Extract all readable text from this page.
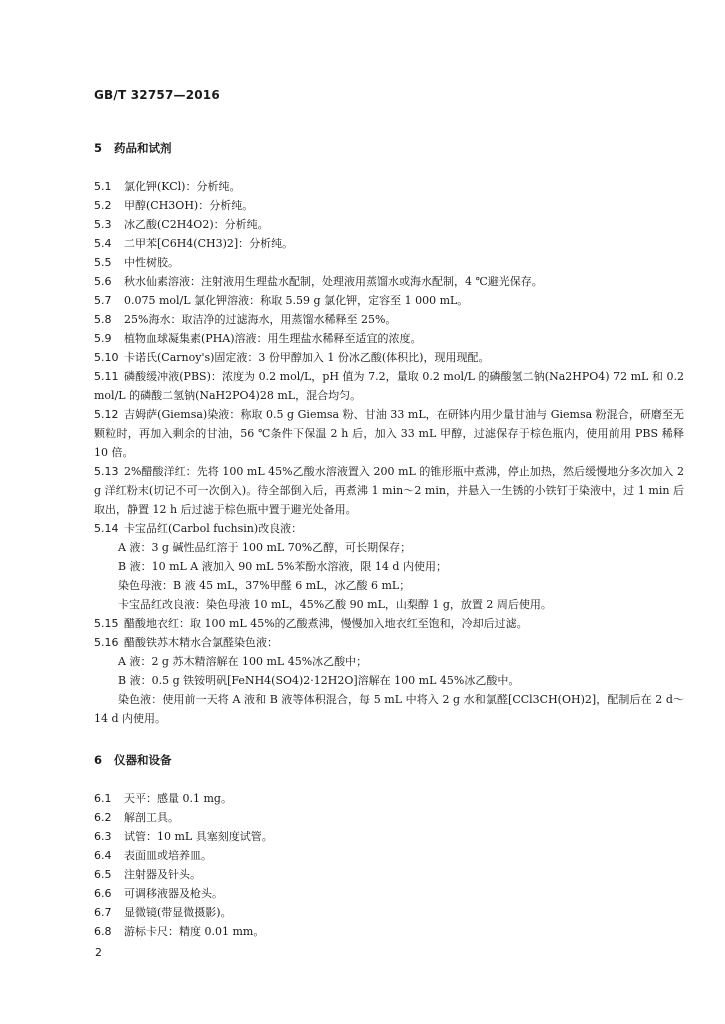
GB/T 32757—2016
5 药品和试剂
5.1 氯化钾(KCl)：分析纯。
5.2 甲醇(CH3OH)：分析纯。
5.3 冰乙酸(C2H4O2)：分析纯。
5.4 二甲苯[C6H4(CH3)2]：分析纯。
5.5 中性树胶。
5.6 秋水仙素溶液：注射液用生理盐水配制，处理液用蒸馏水或海水配制，4 ℃避光保存。
5.7 0.075 mol/L 氯化钾溶液：称取 5.59 g 氯化钾，定容至 1 000 mL。
5.8 25%海水：取洁净的过滤海水，用蒸馏水稀释至 25%。
5.9 植物血球凝集素(PHA)溶液：用生理盐水稀释至适宜的浓度。
5.10 卡诺氏(Carnoy's)固定液：3 份甲醇加入 1 份冰乙酸(体积比)，现用现配。
5.11 磷酸缓冲液(PBS)：浓度为 0.2 mol/L，pH 值为 7.2，量取 0.2 mol/L 的磷酸氢二钠(Na2HPO4) 72 mL 和 0.2 mol/L 的磷酸二氢钠(NaH2PO4)28 mL，混合均匀。
5.12 吉姆萨(Giemsa)染液：称取 0.5 g Giemsa 粉、甘油 33 mL，在研钵内用少量甘油与 Giemsa 粉混合，研磨至无颗粒时，再加入剩余的甘油，56 ℃条件下保温 2 h 后，加入 33 mL 甲醇，过滤保存于棕色瓶内，使用前用 PBS 稀释 10 倍。
5.13 2%醋酸洋红：先将 100 mL 45%乙酸水溶液置入 200 mL 的锥形瓶中煮沸，停止加热，然后缓慢地分多次加入 2 g 洋红粉末(切记不可一次倒入)。待全部倒入后，再煮沸 1 min～2 min，并悬入一生锈的小铁钉于染液中，过 1 min 后取出，静置 12 h 后过滤于棕色瓶中置于避光处备用。
5.14 卡宝品红(Carbol fuchsin)改良液：
A 液：3 g 碱性品红溶于 100 mL 70%乙醇，可长期保存；
B 液：10 mL A 液加入 90 mL 5%苯酚水溶液，限 14 d 内使用；
染色母液：B 液 45 mL，37%甲醛 6 mL，冰乙酸 6 mL；
卡宝品红改良液：染色母液 10 mL，45%乙酸 90 mL，山梨醇 1 g，放置 2 周后使用。
5.15 醋酸地衣红：取 100 mL 45%的乙酸煮沸，慢慢加入地衣红至饱和，冷却后过滤。
5.16 醋酸铁苏木精水合氯醛染色液：
A 液：2 g 苏木精溶解在 100 mL 45%冰乙酸中；
B 液：0.5 g 铁铵明矾[FeNH4(SO4)2·12H2O]溶解在 100 mL 45%冰乙酸中。
染色液：使用前一天将 A 液和 B 液等体积混合，每 5 mL 中将入 2 g 水和氯醛[CCl3CH(OH)2]，配制后在 2 d～14 d 内使用。
6 仪器和设备
6.1 天平：感量 0.1 mg。
6.2 解剖工具。
6.3 试管：10 mL 具塞刻度试管。
6.4 表面皿或培养皿。
6.5 注射器及针头。
6.6 可调移液器及枪头。
6.7 显微镜(带显微摄影)。
6.8 游标卡尺：精度 0.01 mm。
2
